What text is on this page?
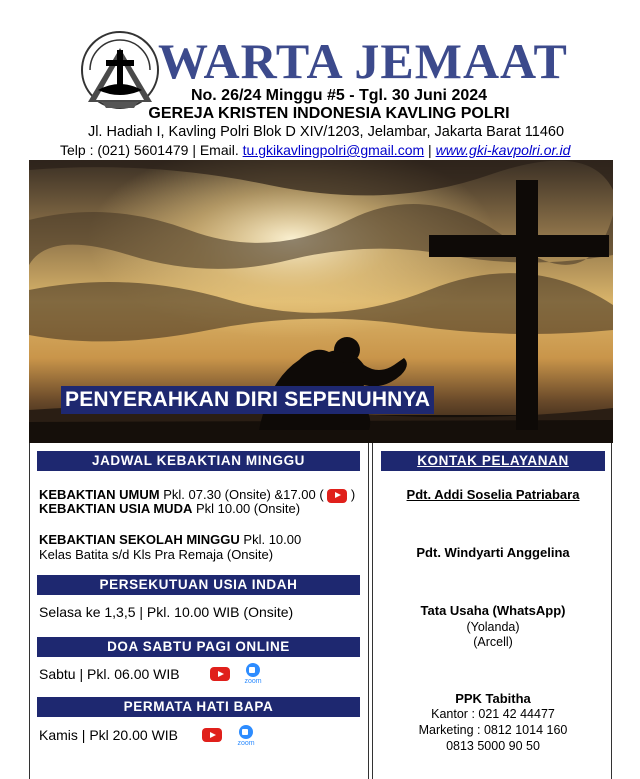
WARTA JEMAAT
No. 26/24 Minggu #5 - Tgl. 30 Juni 2024
GEREJA KRISTEN INDONESIA KAVLING POLRI
Jl. Hadiah I, Kavling Polri Blok D XIV/1203, Jelambar, Jakarta Barat 11460
Telp : (021) 5601479 | Email. tu.gkikavlingpolri@gmail.com | www.gki-kavpolri.or.id
PENYERAHKAN DIRI SEPENUHNYA
JADWAL KEBAKTIAN MINGGU
KEBAKTIAN UMUM Pkl. 07.30 (Onsite) &17.00 ( )
KEBAKTIAN USIA MUDA Pkl 10.00 (Onsite)
KEBAKTIAN SEKOLAH MINGGU Pkl. 10.00
Kelas Batita s/d Kls Pra Remaja (Onsite)
PERSEKUTUAN USIA INDAH
Selasa ke 1,3,5 | Pkl. 10.00 WIB (Onsite)
DOA SABTU PAGI ONLINE
Sabtu | Pkl. 06.00 WIB	zoom
PERMATA HATI BAPA
Kamis | Pkl 20.00 WIB
zoom
KONTAK PELAYANAN
Pdt. Addi Soselia Patriabara
Pdt. Windyarti Anggelina
Tata Usaha (WhatsApp)
(Yolanda)
(Arcell)
PPK Tabitha
Kantor : 021 42 44477
Marketing : 0812 1014 160
0813 5000 90 50
